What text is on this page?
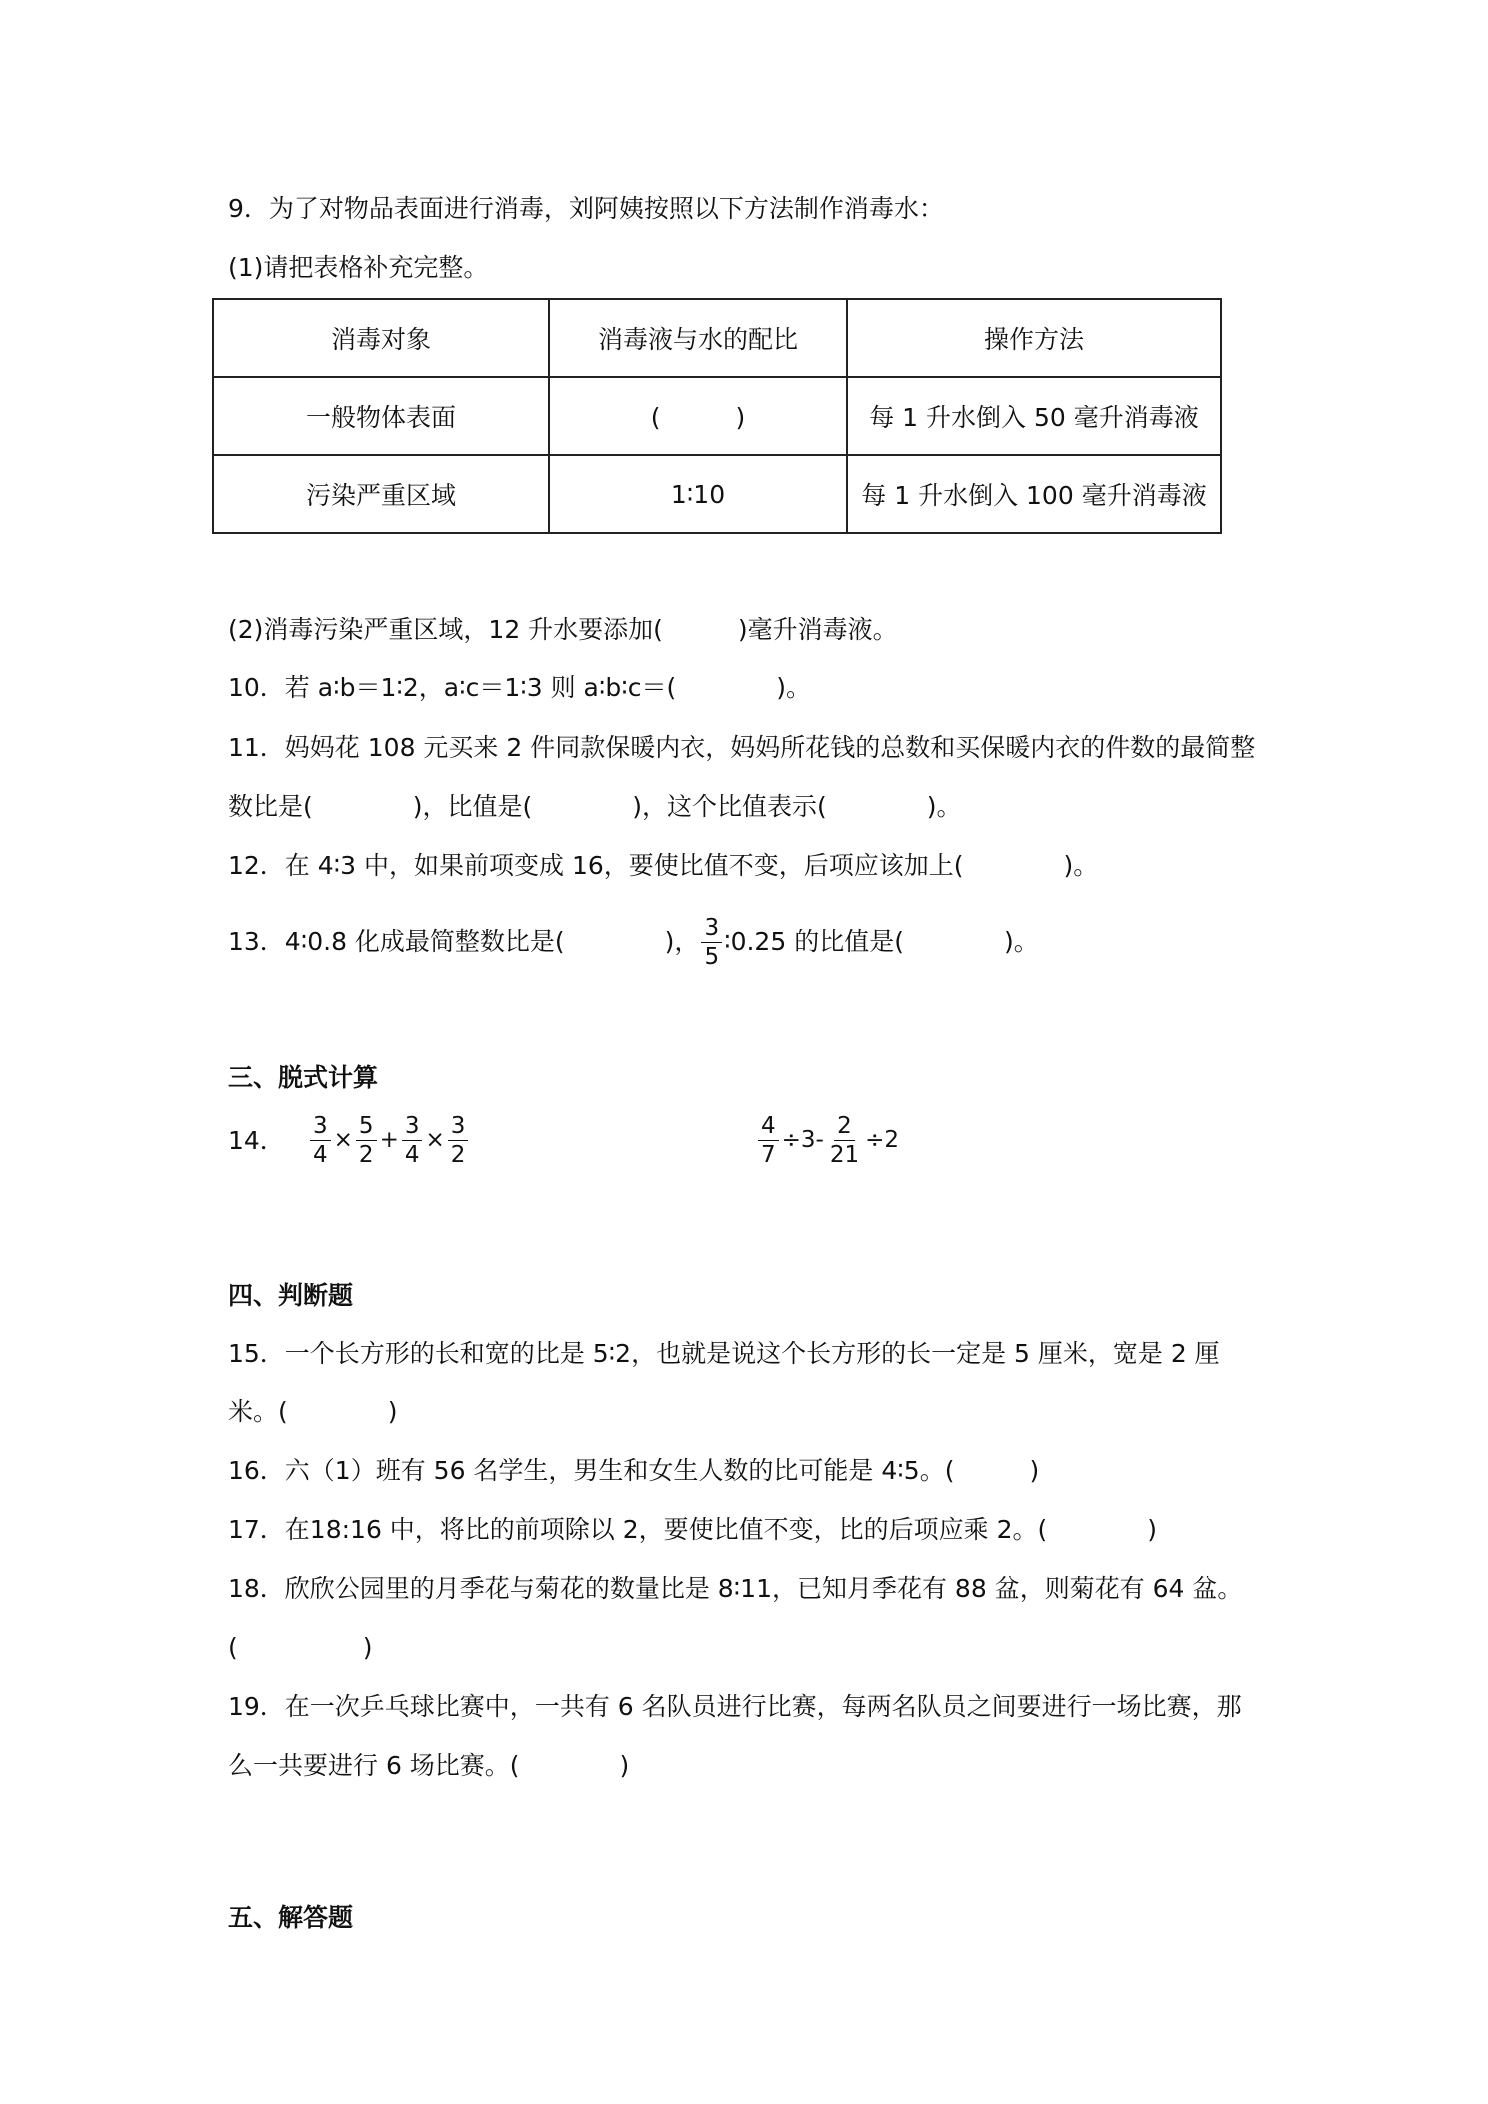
9．为了对物品表面进行消毒，刘阿姨按照以下方法制作消毒水：
(1)请把表格补充完整。
消毒对象	消毒液与水的配比	操作方法
一般物体表面	(　　　)	每 1 升水倒入 50 毫升消毒液
污染严重区域	1∶10	每 1 升水倒入 100 毫升消毒液
(2)消毒污染严重区域，12 升水要添加(　　　)毫升消毒液。
10．若 a∶b＝1∶2，a∶c＝1∶3 则 a∶b∶c＝(　　　　)。
11．妈妈花 108 元买来 2 件同款保暖内衣，妈妈所花钱的总数和买保暖内衣的件数的最简整
数比是(　　　　)，比值是(　　　　)，这个比值表示(　　　　)。
12．在 4∶3 中，如果前项变成 16，要使比值不变，后项应该加上(　　　　)。
13．4∶0.8 化成最简整数比是(　　　　)， $\frac{3}{5}$ ∶0.25 的比值是(　　　　)。
三、脱式计算
14． $\frac{3}{4} \times \frac{5}{2} + \frac{3}{4} \times \frac{3}{2}$	$\frac{4}{7} \div 3- \frac{2}{21} \div 2$
四、判断题
15．一个长方形的长和宽的比是 5∶2，也就是说这个长方形的长一定是 5 厘米，宽是 2 厘
米。(　　　　)
16．六（1）班有 56 名学生，男生和女生人数的比可能是 4∶5。(　　　)
17．在18:16 中，将比的前项除以 2，要使比值不变，比的后项应乘 2。(　　　　)
18．欣欣公园里的月季花与菊花的数量比是 8∶11，已知月季花有 88 盆，则菊花有 64 盆。
(　　　　　)
19．在一次乒乓球比赛中，一共有 6 名队员进行比赛，每两名队员之间要进行一场比赛，那
么一共要进行 6 场比赛。(　　　　)
五、解答题
